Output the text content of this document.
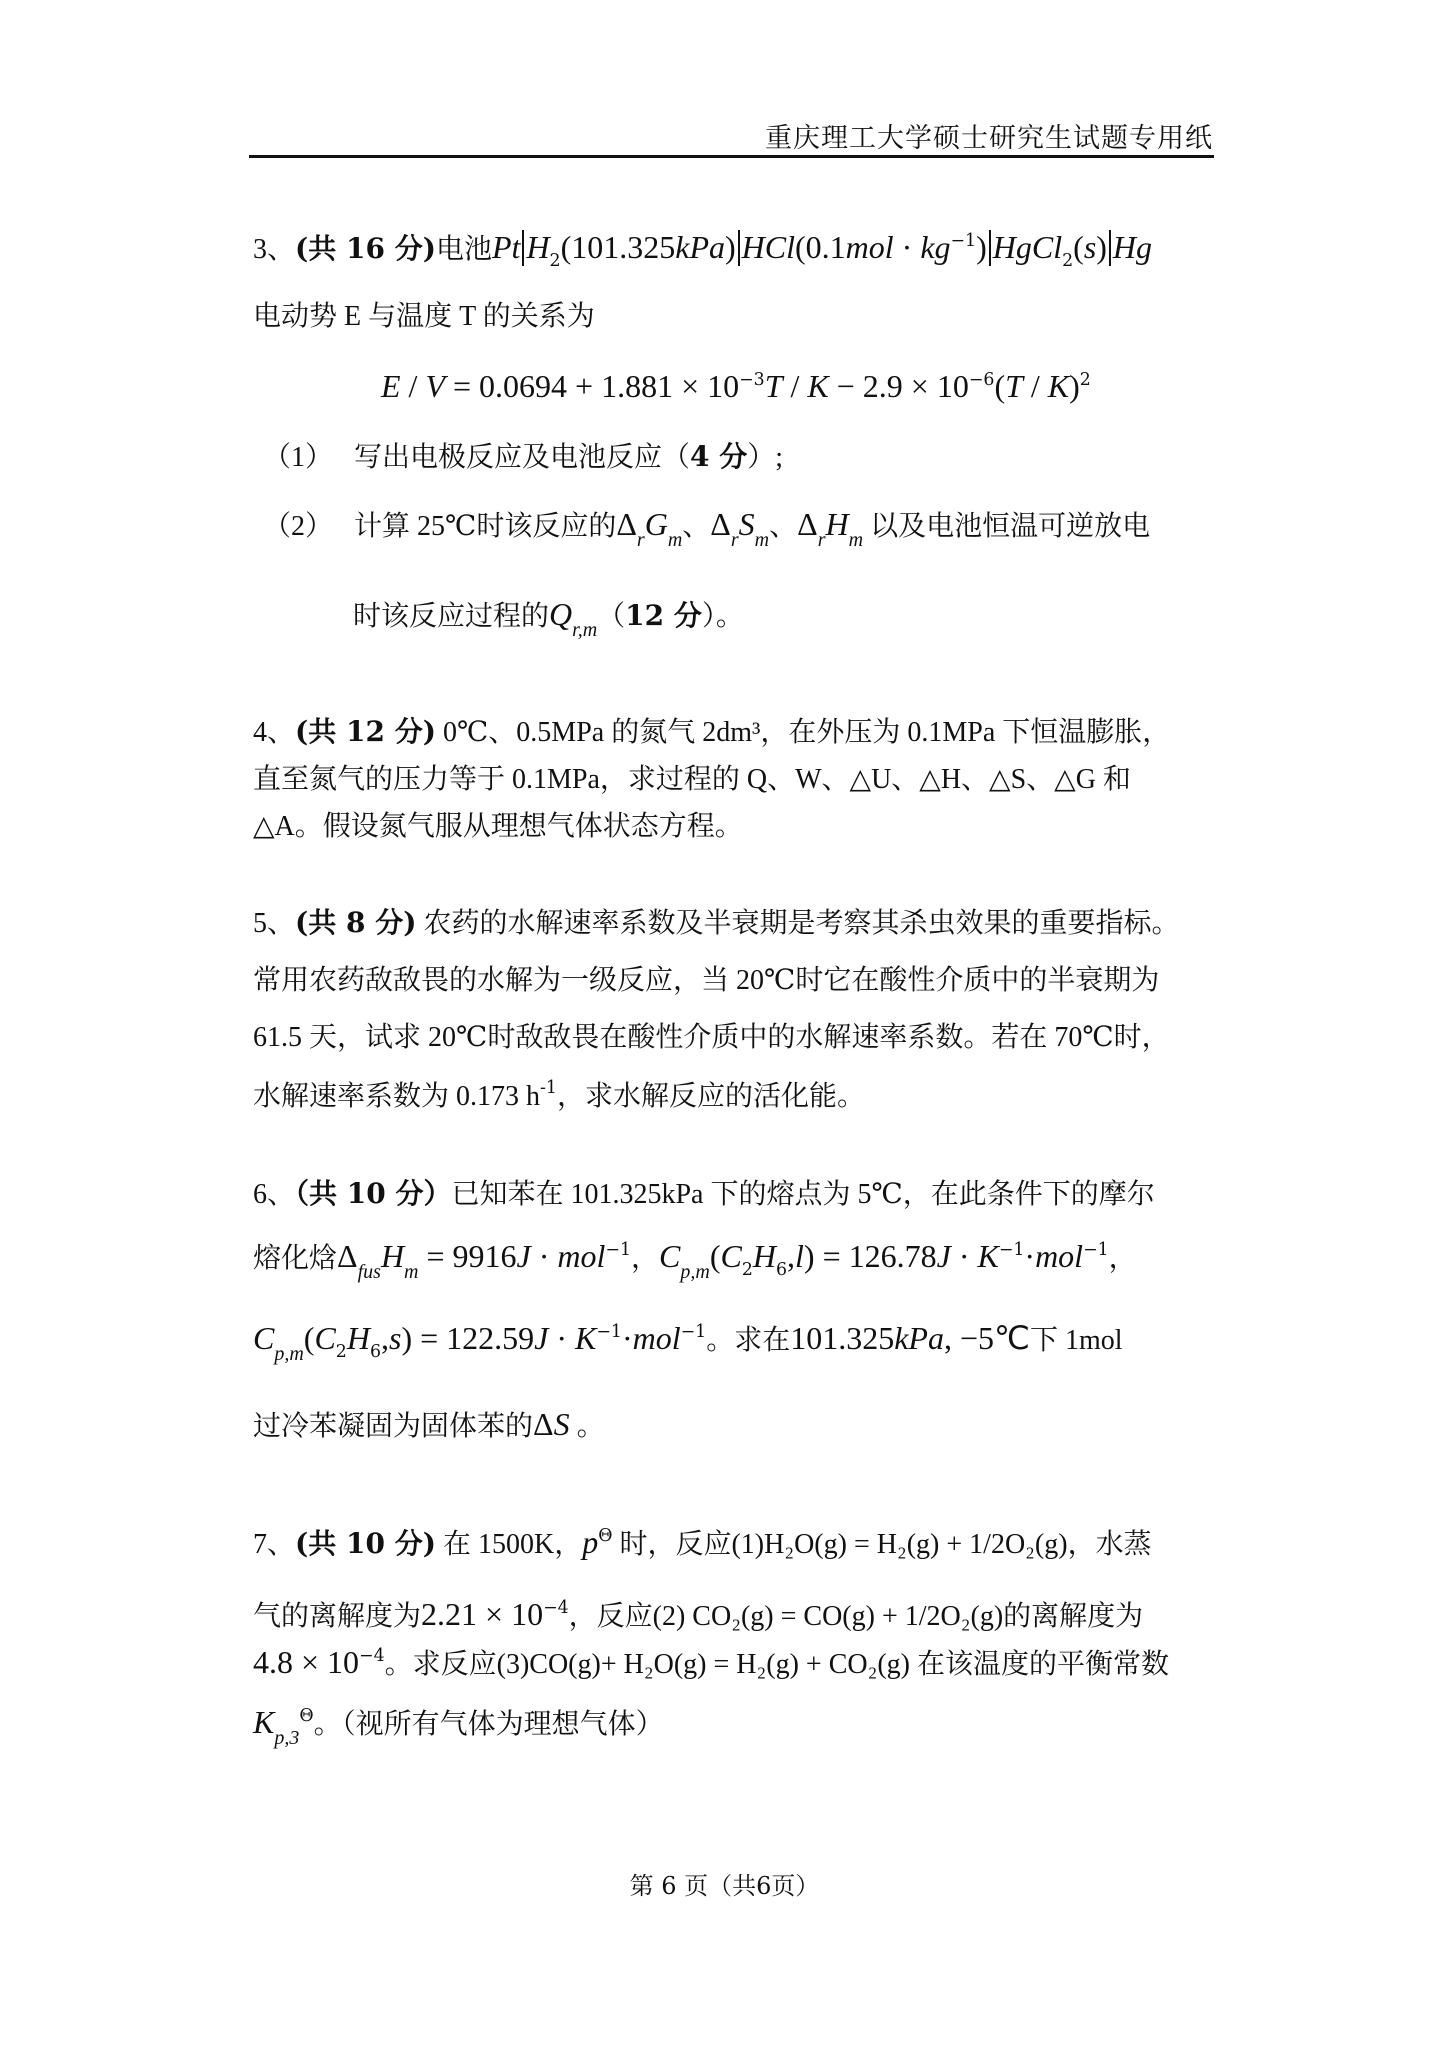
重庆理工大学硕士研究生试题专用纸
3、(共 16 分)电池Pt $H_2(101.325kPa) HCl(0.1mol \cdot kg^{-1})$ HgCl$_2$(s) Hg
电动势 E 与温度 T 的关系为
$E / V = 0.0694 + 1.881 \times 10^{-3}T / K - 2.9 \times 10^{-6}(T / K)^2$
（1）　 写出电极反应及电池反应（4 分）;
（2）　 计算 25℃时该反应的$\Delta_rG_m$、$\Delta_rS_m$、$\Delta_rH_m$ 以及电池恒温可逆放电
时该反应过程的$Q_{r,m}(12$ 分）。
4、(共 12 分) 0℃、0.5MPa 的氮气 2dm³，在外压为 0.1MPa 下恒温膨胀，
直至氮气的压力等于 0.1MPa，求过程的 Q、W、△U、△H、△S、△G 和
△A。假设氮气服从理想气体状态方程。
5、(共 8 分) 农药的水解速率系数及半衰期是考察其杀虫效果的重要指标。
常用农药敌敌畏的水解为一级反应，当 20℃时它在酸性介质中的半衰期为
61.5 天，试求 20℃时敌敌畏在酸性介质中的水解速率系数。若在 70℃时，
水解速率系数为 0.173 $h^{-1}$，求水解反应的活化能。
6、（共 10 分）已知苯在 101.325kPa 下的熔点为 5℃，在此条件下的摩尔
熔化焓$\Delta_{fus}H_m = 9916J \cdot mol^{-1}$，$C_{p,m}(C_2H_6,l) = 126.78J \cdot K^{-1}\cdot mol^{-1}$，
$C_{p,m}(C_2H_6,s) = 122.59J \cdot K^{-1}\cdot mol^{-1}$。求在101.325kPa, −5℃下 1mol
过冷苯凝固为固体苯的ΔS 。
7、(共 10 分) 在 1500K，$p^\Theta$ 时，反应(1)H₂O(g) = H₂(g) + 1/2O₂(g)，水蒸
气的离解度为$2.21 \times 10^{-4}$，反应(2) CO₂(g) = CO(g) + 1/2O₂(g)的离解度为
$4.8 \times 10^{-4}$。求反应(3)CO(g)+ H₂O(g) = H₂(g) + CO₂(g) 在该温度的平衡常数
$K_{p,3}^\Theta$。（视所有气体为理想气体）
第 6 页（共6页）
